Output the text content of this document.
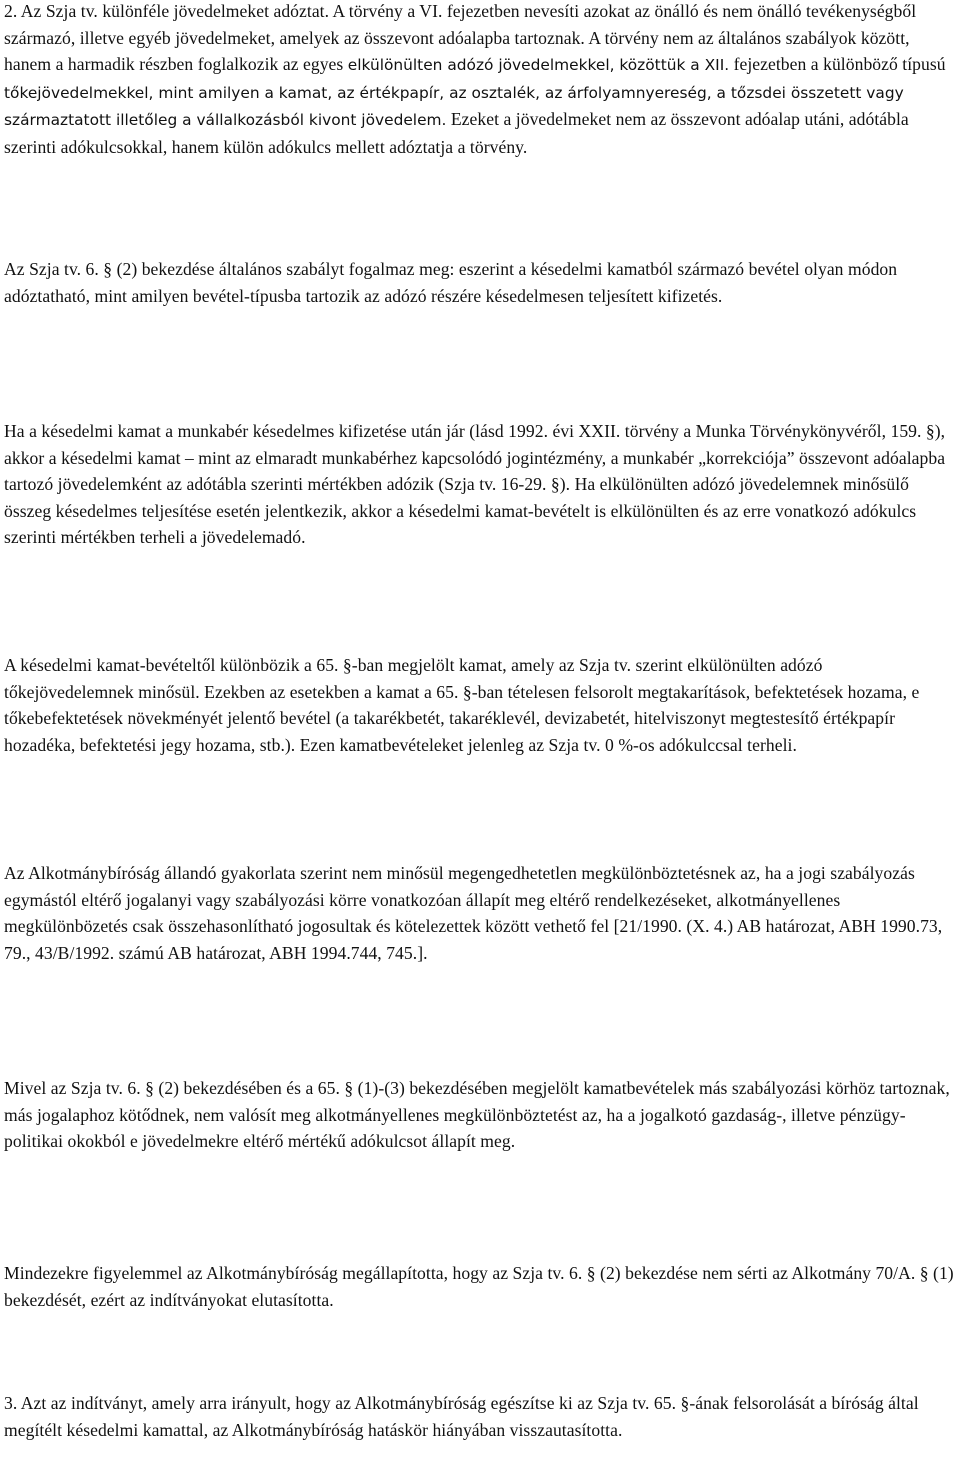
2. Az Szja tv. különféle jövedelmeket adóztat. A törvény a VI. fejezetben nevesíti azokat az önálló és nem önálló tevékenységből származó, illetve egyéb jövedelmeket, amelyek az összevont adóalapba tartoznak. A törvény nem az általános szabályok között, hanem a harmadik részben foglalkozik az egyes elkülönülten adózó jövedelmekkel, közöttük a XII. fejezetben a különböző típusú tőkejövedelmekkel, mint amilyen a kamat, az értékpapír, az osztalék, az árfolyamnyereség, a tőzsdei összetett vagy származtatott illetőleg a vállalkozásból kivont jövedelem. Ezeket a jövedelmeket nem az összevont adóalap utáni, adótábla szerinti adókulcsokkal, hanem külön adókulcs mellett adóztatja a törvény.

Az Szja tv. 6. § (2) bekezdése általános szabályt fogalmaz meg: eszerint a késedelmi kamatból származó bevétel olyan módon adóztatható, mint amilyen bevétel-típusba tartozik az adózó részére késedelmesen teljesített kifizetés.

Ha a késedelmi kamat a munkabér késedelmes kifizetése után jár (lásd 1992. évi XXII. törvény a Munka Törvénykönyvéről, 159. §), akkor a késedelmi kamat – mint az elmaradt munkabérhez kapcsolódó jogintézmény, a munkabér „korrekciója” összevont adóalapba tartozó jövedelemként az adótábla szerinti mértékben adózik (Szja tv. 16-29. §). Ha elkülönülten adózó jövedelemnek minősülő összeg késedelmes teljesítése esetén jelentkezik, akkor a késedelmi kamat-bevételt is elkülönülten és az erre vonatkozó adókulcs szerinti mértékben terheli a jövedelemadó.

A késedelmi kamat-bevételtől különbözik a 65. §-ban megjelölt kamat, amely az Szja tv. szerint elkülönülten adózó tőkejövedelemnek minősül. Ezekben az esetekben a kamat a 65. §-ban tételesen felsorolt megtakarítások, befektetések hozama, e tőkebefektetések növekményét jelentő bevétel (a takarékbetét, takaréklevél, devizabetét, hitelviszonyt megtestesítő értékpapír hozadéka, befektetési jegy hozama, stb.). Ezen kamatbevételeket jelenleg az Szja tv. 0 %-os adókulccsal terheli.

Az Alkotmánybíróság állandó gyakorlata szerint nem minősül megengedhetetlen megkülönböztetésnek az, ha a jogi szabályozás egymástól eltérő jogalanyi vagy szabályozási körre vonatkozóan állapít meg eltérő rendelkezéseket, alkotmányellenes megkülönbözetés csak összehasonlítható jogosultak és kötelezettek között vethető fel [21/1990. (X. 4.) AB határozat, ABH 1990.73, 79., 43/B/1992. számú AB határozat, ABH 1994.744, 745.].

Mivel az Szja tv. 6. § (2) bekezdésében és a 65. § (1)-(3) bekezdésében megjelölt kamatbevételek más szabályozási körhöz tartoznak, más jogalaphoz kötődnek, nem valósít meg alkotmányellenes megkülönböztetést az, ha a jogalkotó gazdaság-, illetve pénzügy-politikai okokból e jövedelmekre eltérő mértékű adókulcsot állapít meg.

Mindezekre figyelemmel az Alkotmánybíróság megállapította, hogy az Szja tv. 6. § (2) bekezdése nem sérti az Alkotmány 70/A. § (1) bekezdését, ezért az indítványokat elutasította.

3. Azt az indítványt, amely arra irányult, hogy az Alkotmánybíróság egészítse ki az Szja tv. 65. §-ának felsorolását a bíróság által megítélt késedelmi kamattal, az Alkotmánybíróság hatáskör hiányában visszautasította.
